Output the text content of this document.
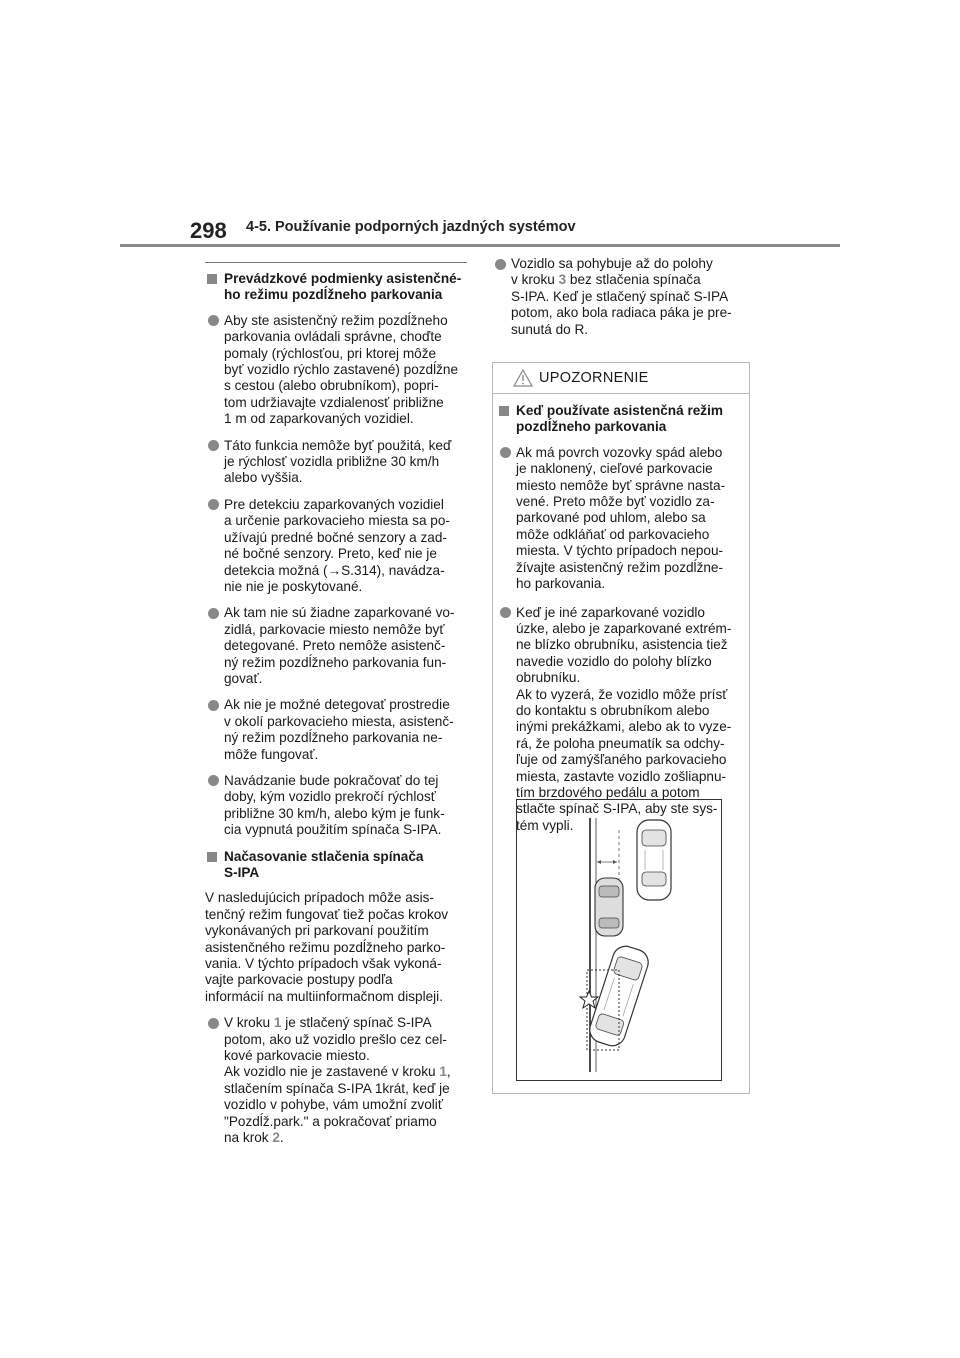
298 4-5. Používanie podporných jazdných systémov
Prevádzkové podmienky asistenčné-
ho režimu pozdĺžneho parkovania
Aby ste asistenčný režim pozdĺžneho
parkovania ovládali správne, choďte
pomaly (rýchlosťou, pri ktorej môže
byť vozidlo rýchlo zastavené) pozdĺžne
s cestou (alebo obrubníkom), popri-
tom udržiavajte vzdialenosť približne
1 m od zaparkovaných vozidiel.
Táto funkcia nemôže byť použitá, keď
je rýchlosť vozidla približne 30 km/h
alebo vyššia.
Pre detekciu zaparkovaných vozidiel
a určenie parkovacieho miesta sa po-
užívajú predné bočné senzory a zad-
né bočné senzory. Preto, keď nie je
detekcia možná (→S.314), navádza-
nie nie je poskytované.
Ak tam nie sú žiadne zaparkované vo-
zidlá, parkovacie miesto nemôže byť
detegované. Preto nemôže asistenč-
ný režim pozdĺžneho parkovania fun-
govať.
Ak nie je možné detegovať prostredie
v okolí parkovacieho miesta, asistenč-
ný režim pozdĺžneho parkovania ne-
môže fungovať.
Navádzanie bude pokračovať do tej
doby, kým vozidlo prekročí rýchlosť
približne 30 km/h, alebo kým je funk-
cia vypnutá použitím spínača S-IPA.
Načasovanie stlačenia spínača
S-IPA
V nasledujúcich prípadoch môže asis-
tenčný režim fungovať tiež počas krokov
vykonávaných pri parkovaní použitím
asistenčného režimu pozdĺžneho parko-
vania. V týchto prípadoch však vykoná-
vajte parkovacie postupy podľa
informácií na multiinformačnom displeji.
V kroku 1 je stlačený spínač S-IPA
potom, ako už vozidlo prešlo cez cel-
kové parkovacie miesto.
Ak vozidlo nie je zastavené v kroku 1,
stlačením spínača S-IPA 1krát, keď je
vozidlo v pohybe, vám umožní zvoliť
"Pozdĺž.park." a pokračovať priamo
na krok 2.
Vozidlo sa pohybuje až do polohy
v kroku 3 bez stlačenia spínača
S-IPA. Keď je stlačený spínač S-IPA
potom, ako bola radiaca páka je pre-
sunutá do R.
UPOZORNENIE
Keď používate asistenčná režim
pozdĺžneho parkovania
Ak má povrch vozovky spád alebo
je naklonený, cieľové parkovacie
miesto nemôže byť správne nasta-
vené. Preto môže byť vozidlo za-
parkované pod uhlom, alebo sa
môže odkláňať od parkovacieho
miesta. V týchto prípadoch nepou-
žívajte asistenčný režim pozdĺžne-
ho parkovania.
Keď je iné zaparkované vozidlo
úzke, alebo je zaparkované extrém-
ne blízko obrubníku, asistencia tiež
navedie vozidlo do polohy blízko
obrubníku.
Ak to vyzerá, že vozidlo môže prísť
do kontaktu s obrubníkom alebo
inými prekážkami, alebo ak to vyze-
rá, že poloha pneumatík sa odchy-
ľuje od zamýšľaného parkovacieho
miesta, zastavte vozidlo zošliapnu-
tím brzdového pedálu a potom
stlačte spínač S-IPA, aby ste sys-
tém vypli.
